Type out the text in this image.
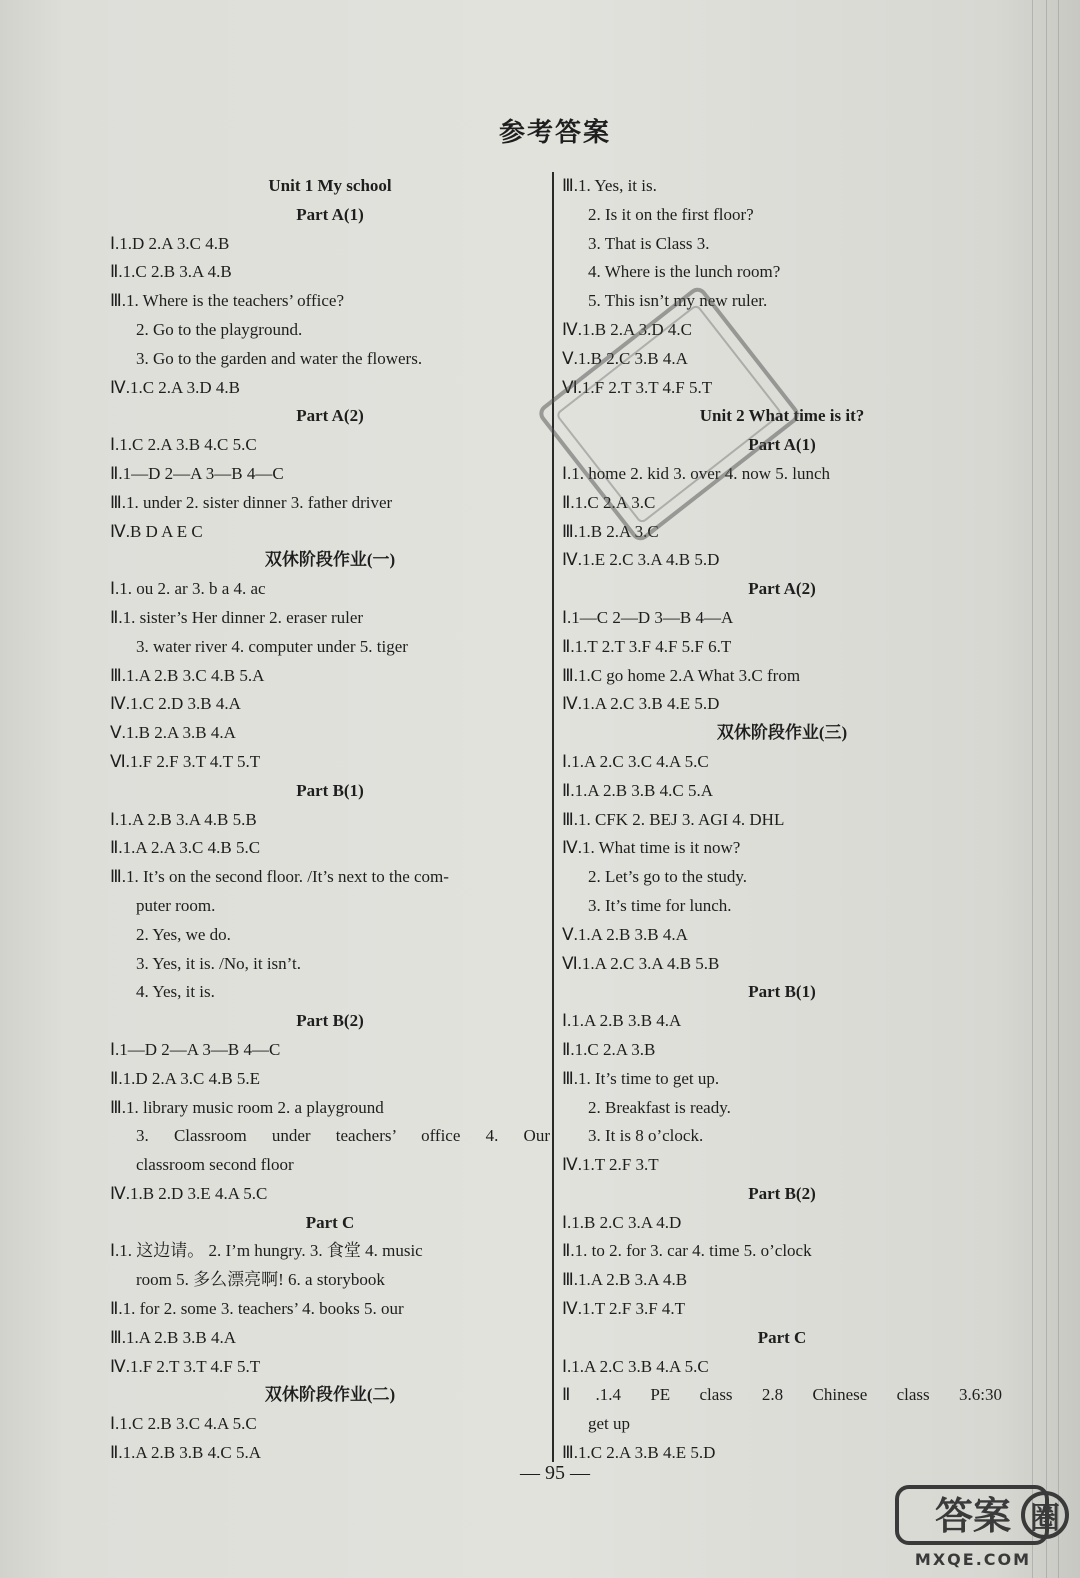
参考答案
Unit 1 My school
Part A(1)
Ⅰ.1.D 2.A 3.C 4.B
Ⅱ.1.C 2.B 3.A 4.B
Ⅲ.1. Where is the teachers’ office?
2. Go to the playground.
3. Go to the garden and water the flowers.
Ⅳ.1.C 2.A 3.D 4.B
Part A(2)
Ⅰ.1.C 2.A 3.B 4.C 5.C
Ⅱ.1—D 2—A 3—B 4—C
Ⅲ.1. under 2. sister dinner 3. father driver
Ⅳ.B D A E C
双休阶段作业(一)
Ⅰ.1. ou 2. ar 3. b a 4. ac
Ⅱ.1. sister’s Her dinner 2. eraser ruler
3. water river 4. computer under 5. tiger
Ⅲ.1.A 2.B 3.C 4.B 5.A
Ⅳ.1.C 2.D 3.B 4.A
Ⅴ.1.B 2.A 3.B 4.A
Ⅵ.1.F 2.F 3.T 4.T 5.T
Part B(1)
Ⅰ.1.A 2.B 3.A 4.B 5.B
Ⅱ.1.A 2.A 3.C 4.B 5.C
Ⅲ.1. It’s on the second floor. /It’s next to the com-
puter room.
2. Yes, we do.
3. Yes, it is. /No, it isn’t.
4. Yes, it is.
Part B(2)
Ⅰ.1—D 2—A 3—B 4—C
Ⅱ.1.D 2.A 3.C 4.B 5.E
Ⅲ.1. library music room 2. a playground
3. Classroom under teachers’ office 4. Our
classroom second floor
Ⅳ.1.B 2.D 3.E 4.A 5.C
Part C
Ⅰ.1. 这边请。 2. I’m hungry. 3. 食堂 4. music
room 5. 多么漂亮啊! 6. a storybook
Ⅱ.1. for 2. some 3. teachers’ 4. books 5. our
Ⅲ.1.A 2.B 3.B 4.A
Ⅳ.1.F 2.T 3.T 4.F 5.T
双休阶段作业(二)
Ⅰ.1.C 2.B 3.C 4.A 5.C
Ⅱ.1.A 2.B 3.B 4.C 5.A
Ⅲ.1. Yes, it is.
2. Is it on the first floor?
3. That is Class 3.
4. Where is the lunch room?
5. This isn’t my new ruler.
Ⅳ.1.B 2.A 3.D 4.C
Ⅴ.1.B 2.C 3.B 4.A
Ⅵ.1.F 2.T 3.T 4.F 5.T
Unit 2 What time is it?
Part A(1)
Ⅰ.1. home 2. kid 3. over 4. now 5. lunch
Ⅱ.1.C 2.A 3.C
Ⅲ.1.B 2.A 3.C
Ⅳ.1.E 2.C 3.A 4.B 5.D
Part A(2)
Ⅰ.1—C 2—D 3—B 4—A
Ⅱ.1.T 2.T 3.F 4.F 5.F 6.T
Ⅲ.1.C go home 2.A What 3.C from
Ⅳ.1.A 2.C 3.B 4.E 5.D
双休阶段作业(三)
Ⅰ.1.A 2.C 3.C 4.A 5.C
Ⅱ.1.A 2.B 3.B 4.C 5.A
Ⅲ.1. CFK 2. BEJ 3. AGI 4. DHL
Ⅳ.1. What time is it now?
2. Let’s go to the study.
3. It’s time for lunch.
Ⅴ.1.A 2.B 3.B 4.A
Ⅵ.1.A 2.C 3.A 4.B 5.B
Part B(1)
Ⅰ.1.A 2.B 3.B 4.A
Ⅱ.1.C 2.A 3.B
Ⅲ.1. It’s time to get up.
2. Breakfast is ready.
3. It is 8 o’clock.
Ⅳ.1.T 2.F 3.T
Part B(2)
Ⅰ.1.B 2.C 3.A 4.D
Ⅱ.1. to 2. for 3. car 4. time 5. o’clock
Ⅲ.1.A 2.B 3.A 4.B
Ⅳ.1.T 2.F 3.F 4.T
Part C
Ⅰ.1.A 2.C 3.B 4.A 5.C
Ⅱ.1.4 PE class 2.8 Chinese class 3.6:30
get up
Ⅲ.1.C 2.A 3.B 4.E 5.D
答案 圈
MXQE.COM
— 95 —
